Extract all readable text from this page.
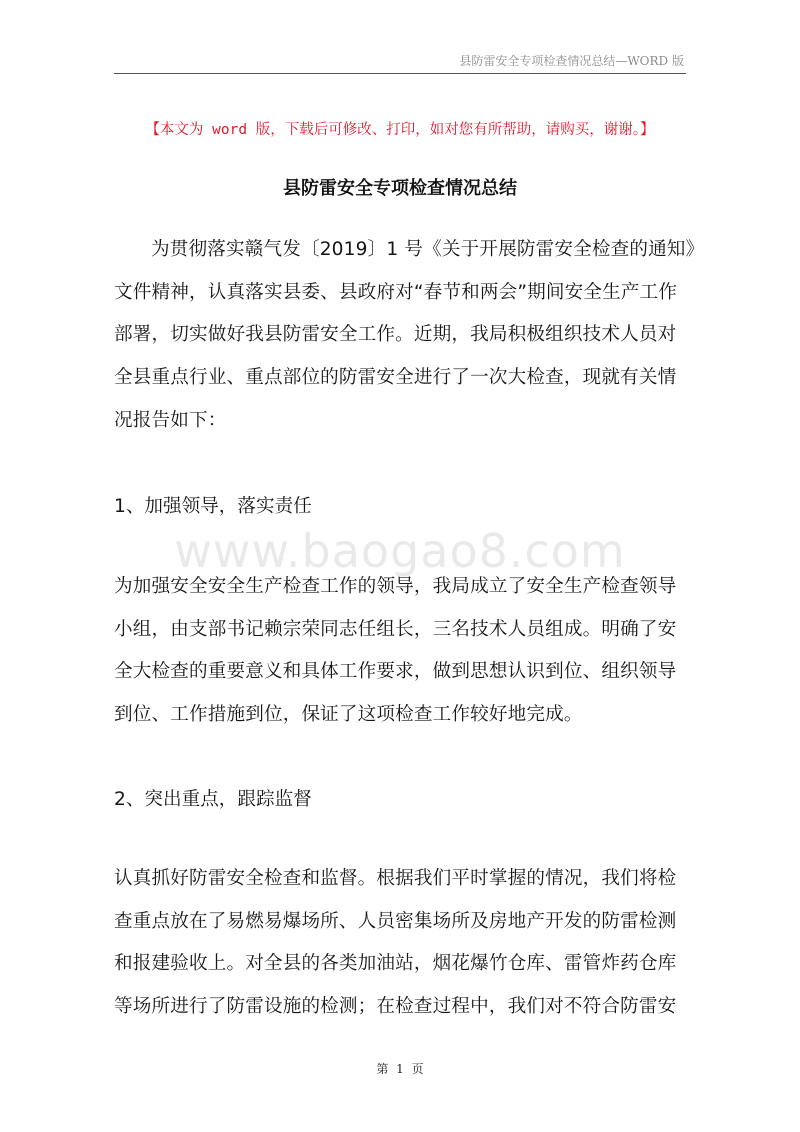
县防雷安全专项检查情况总结—WORD 版
【本文为 word 版，下载后可修改、打印，如对您有所帮助，请购买，谢谢。】
县防雷安全专项检查情况总结
为贯彻落实赣气发〔2019〕1 号《关于开展防雷安全检查的通知》
文件精神，认真落实县委、县政府对“春节和两会”期间安全生产工作
部署，切实做好我县防雷安全工作。近期，我局积极组织技术人员对
全县重点行业、重点部位的防雷安全进行了一次大检查，现就有关情
况报告如下：
1、加强领导，落实责任
www.baogao8.com
为加强安全安全生产检查工作的领导，我局成立了安全生产检查领导
小组，由支部书记赖宗荣同志任组长，三名技术人员组成。明确了安
全大检查的重要意义和具体工作要求，做到思想认识到位、组织领导
到位、工作措施到位，保证了这项检查工作较好地完成。
2、突出重点，跟踪监督
认真抓好防雷安全检查和监督。根据我们平时掌握的情况，我们将检
查重点放在了易燃易爆场所、人员密集场所及房地产开发的防雷检测
和报建验收上。对全县的各类加油站，烟花爆竹仓库、雷管炸药仓库
等场所进行了防雷设施的检测；在检查过程中，我们对不符合防雷安
第 1 页
